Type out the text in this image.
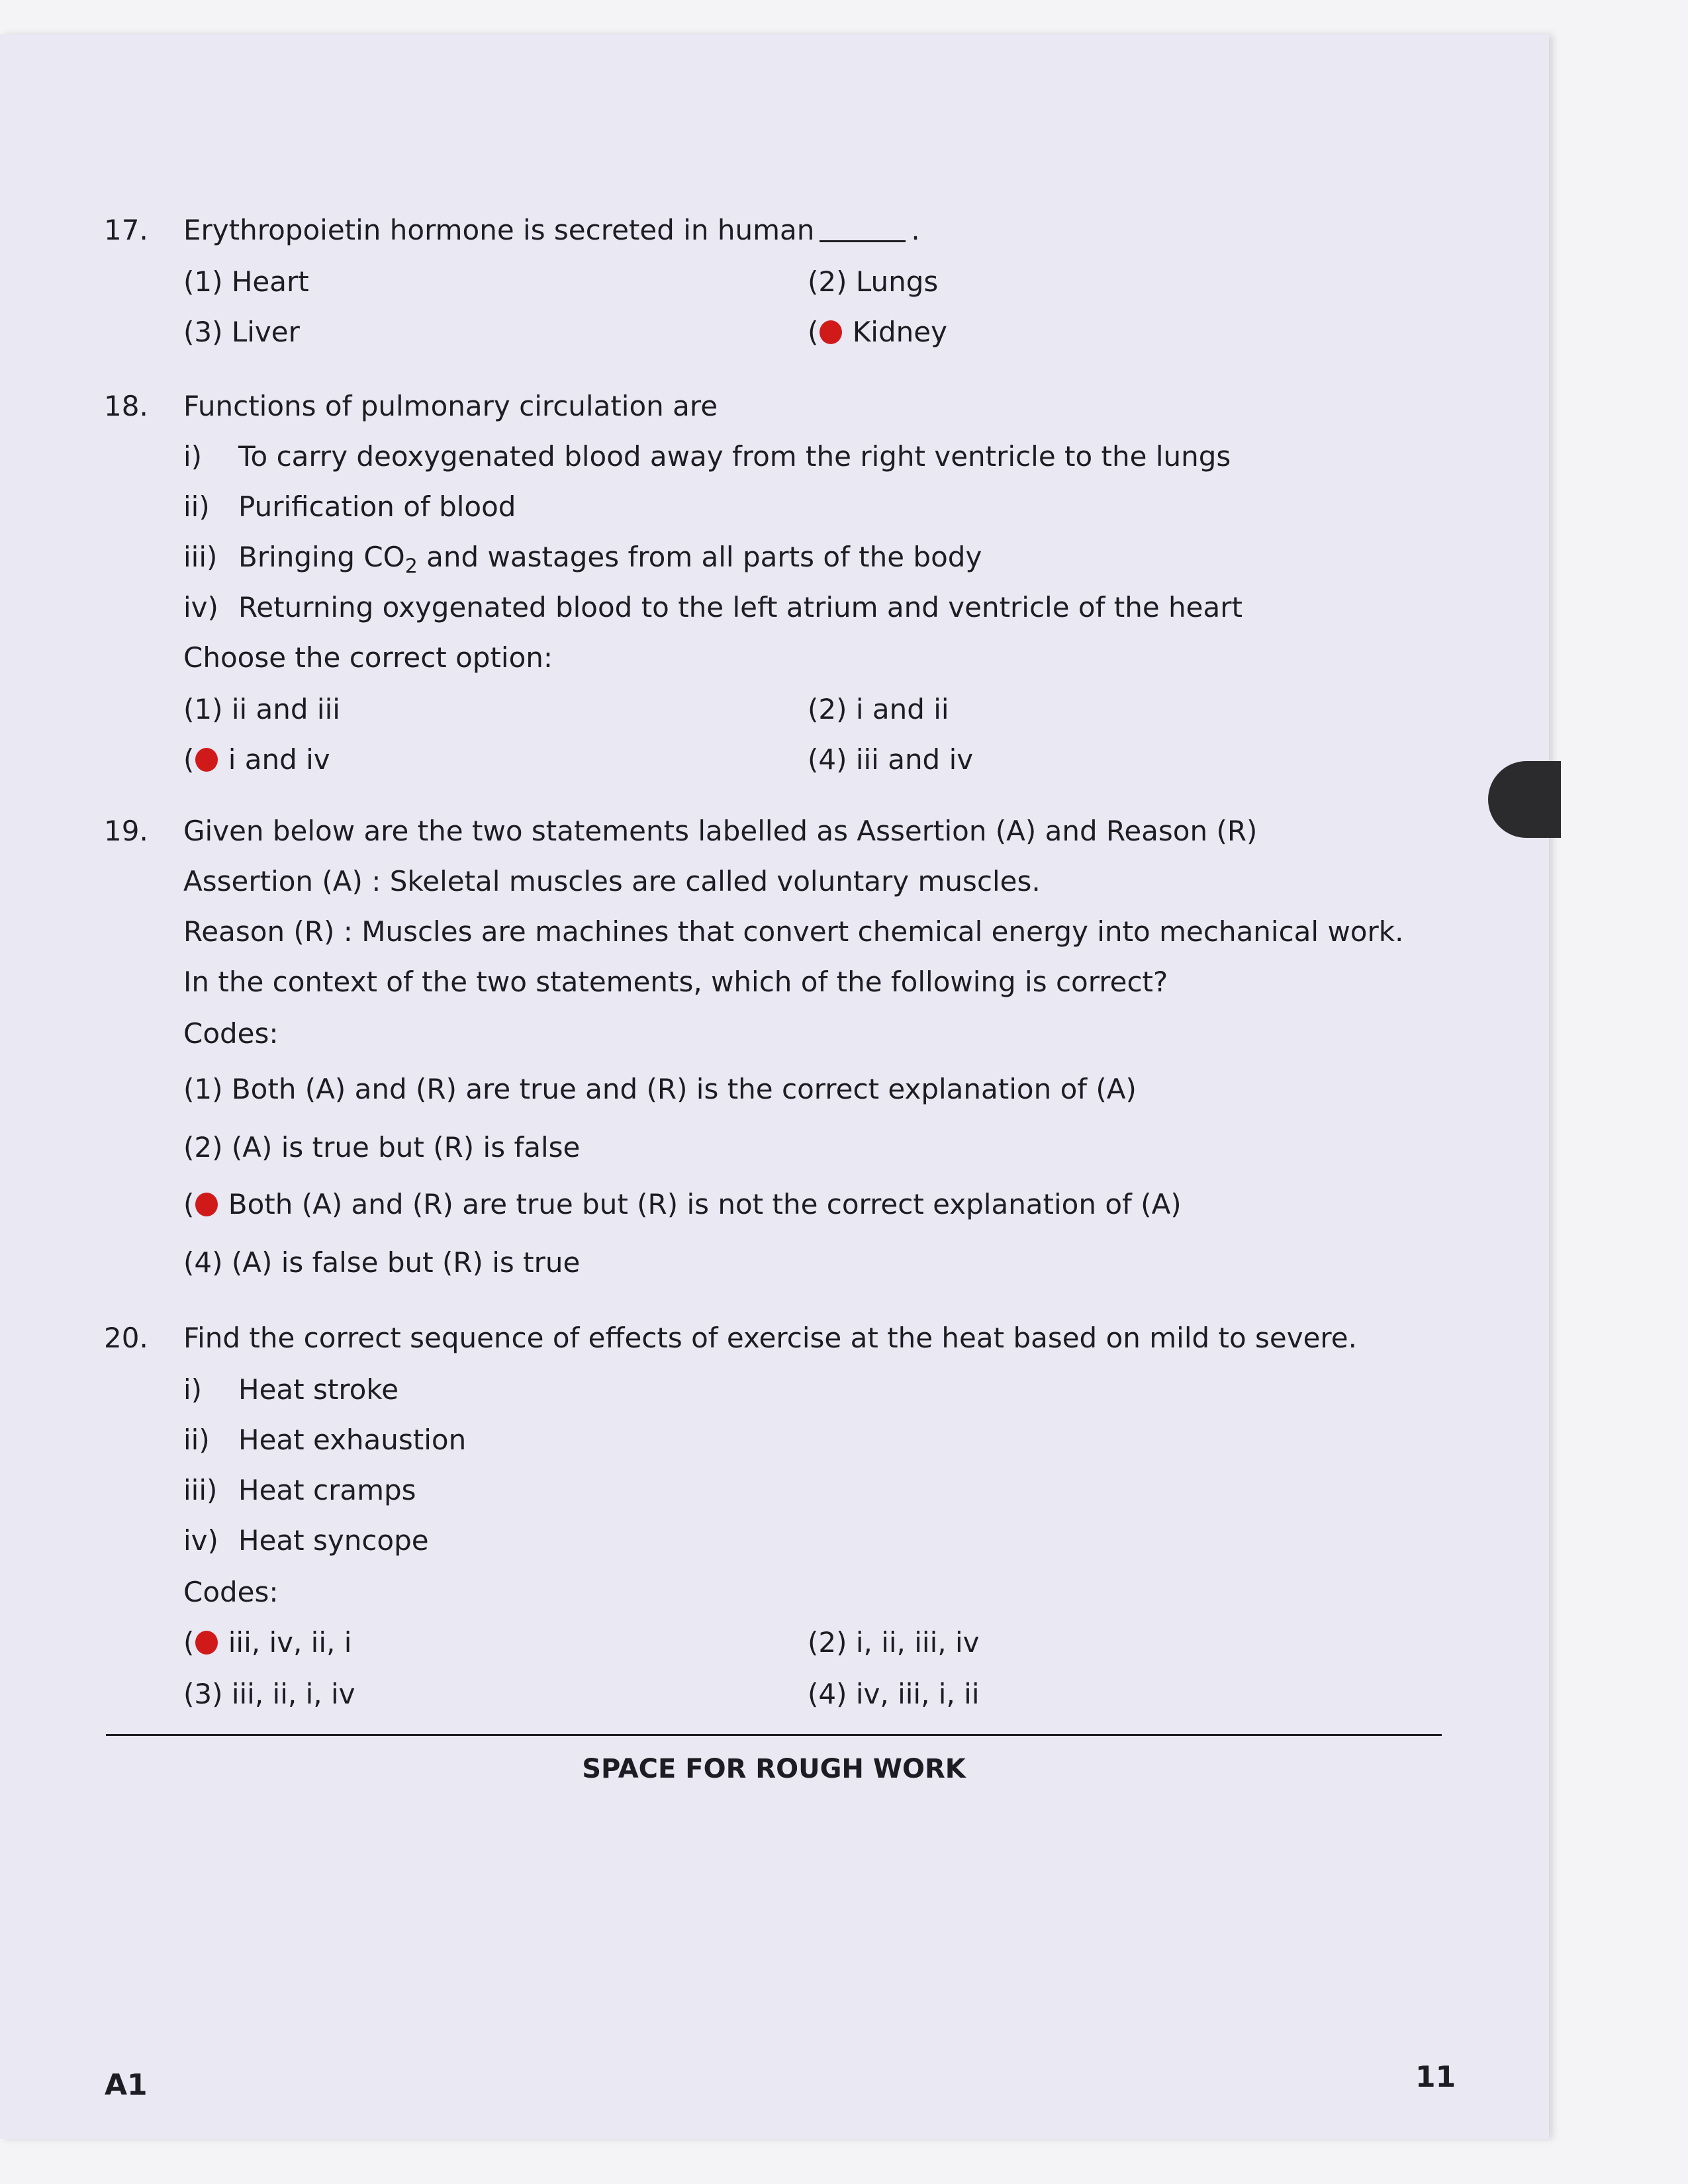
17. Erythropoietin hormone is secreted in human	.
(1) Heart	(2) Lungs
(3) Liver	( Kidney
18. Functions of pulmonary circulation are
i) To carry deoxygenated blood away from the right ventricle to the lungs
ii) Purification of blood
iii) Bringing $CO_2$ and wastages from all parts of the body
iv) Returning oxygenated blood to the left atrium and ventricle of the heart
Choose the correct option:
(1) ii and iii	(2) i and ii
( i and iv	(4) iii and iv
19. Given below are the two statements labelled as Assertion (A) and Reason (R)
Assertion (A) : Skeletal muscles are called voluntary muscles.
Reason (R) : Muscles are machines that convert chemical energy into mechanical work.
In the context of the two statements, which of the following is correct?
Codes:
(1) Both (A) and (R) are true and (R) is the correct explanation of (A)
(2) (A) is true but (R) is false
( Both (A) and (R) are true but (R) is not the correct explanation of (A)
(4) (A) is false but (R) is true
20. Find the correct sequence of effects of exercise at the heat based on mild to severe.
i) Heat stroke
ii) Heat exhaustion
iii) Heat cramps
iv) Heat syncope
Codes:
( iii, iv, ii, i	(2) i, ii, iii, iv
(3) iii, ii, i, iv	(4) iv, iii, i, ii
SPACE FOR ROUGH WORK
A1	11
